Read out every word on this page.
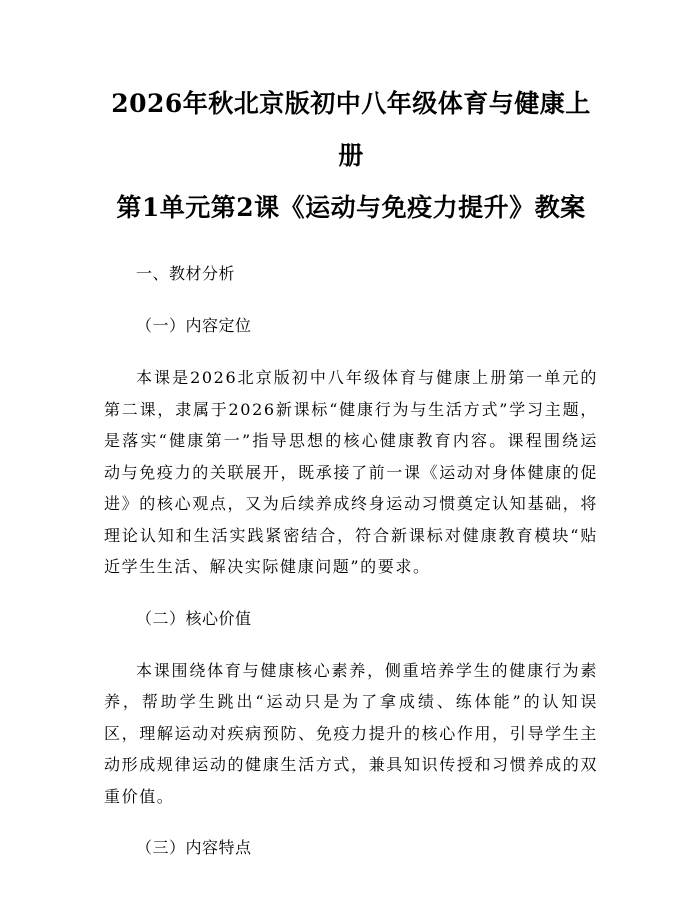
2026年秋北京版初中八年级体育与健康上册
第1单元第2课《运动与免疫力提升》教案

一、教材分析

（一）内容定位

本课是2026北京版初中八年级体育与健康上册第一单元的第二课，隶属于2026新课标“健康行为与生活方式”学习主题，是落实“健康第一”指导思想的核心健康教育内容。课程围绕运动与免疫力的关联展开，既承接了前一课《运动对身体健康的促进》的核心观点，又为后续养成终身运动习惯奠定认知基础，将理论认知和生活实践紧密结合，符合新课标对健康教育模块“贴近学生生活、解决实际健康问题”的要求。

（二）核心价值

本课围绕体育与健康核心素养，侧重培养学生的健康行为素养，帮助学生跳出“运动只是为了拿成绩、练体能”的认知误区，理解运动对疾病预防、免疫力提升的核心作用，引导学生主动形成规律运动的健康生活方式，兼具知识传授和习惯养成的双重价值。

（三）内容特点
